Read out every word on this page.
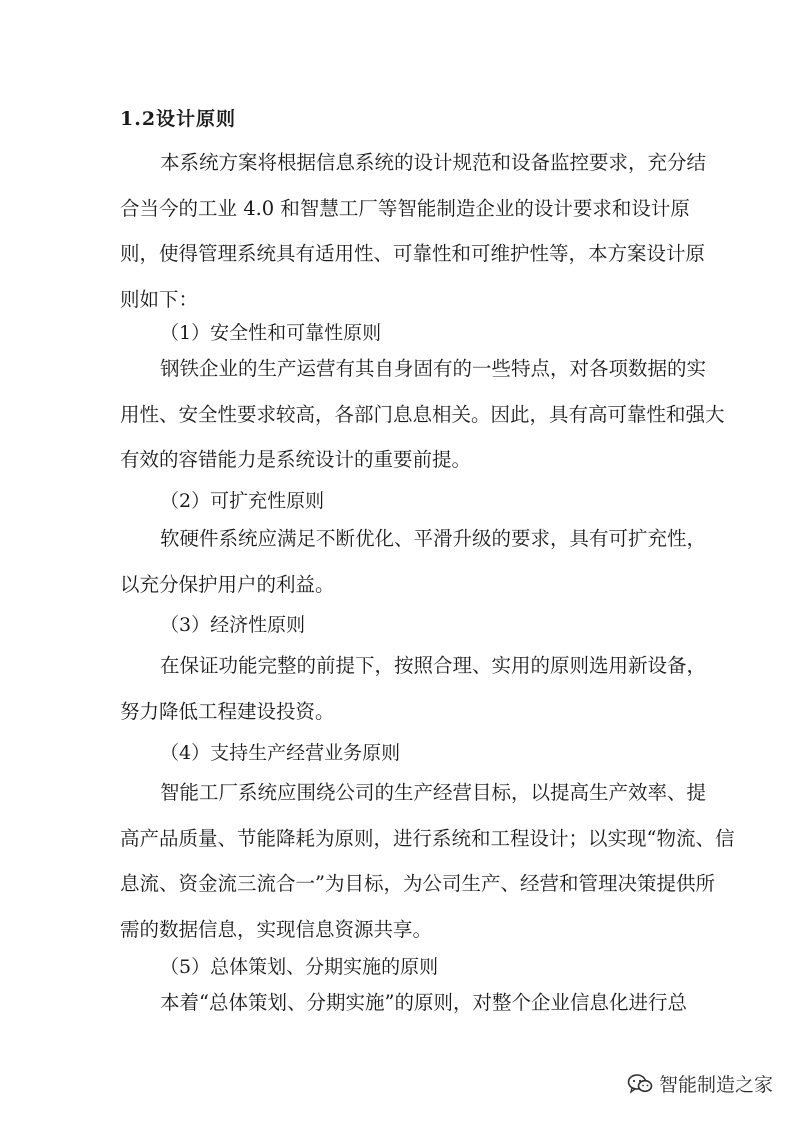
1.2设计原则
本系统方案将根据信息系统的设计规范和设备监控要求，充分结
合当今的工业 4.0 和智慧工厂等智能制造企业的设计要求和设计原
则，使得管理系统具有适用性、可靠性和可维护性等，本方案设计原
则如下：
（1）安全性和可靠性原则
钢铁企业的生产运营有其自身固有的一些特点，对各项数据的实
用性、安全性要求较高，各部门息息相关。因此，具有高可靠性和强大
有效的容错能力是系统设计的重要前提。
（2）可扩充性原则
软硬件系统应满足不断优化、平滑升级的要求，具有可扩充性，
以充分保护用户的利益。
（3）经济性原则
在保证功能完整的前提下，按照合理、实用的原则选用新设备，
努力降低工程建设投资。
（4）支持生产经营业务原则
智能工厂系统应围绕公司的生产经营目标，以提高生产效率、提
高产品质量、节能降耗为原则，进行系统和工程设计；以实现“物流、信
息流、资金流三流合一”为目标，为公司生产、经营和管理决策提供所
需的数据信息，实现信息资源共享。
（5）总体策划、分期实施的原则
本着“总体策划、分期实施”的原则，对整个企业信息化进行总
智能制造之家
